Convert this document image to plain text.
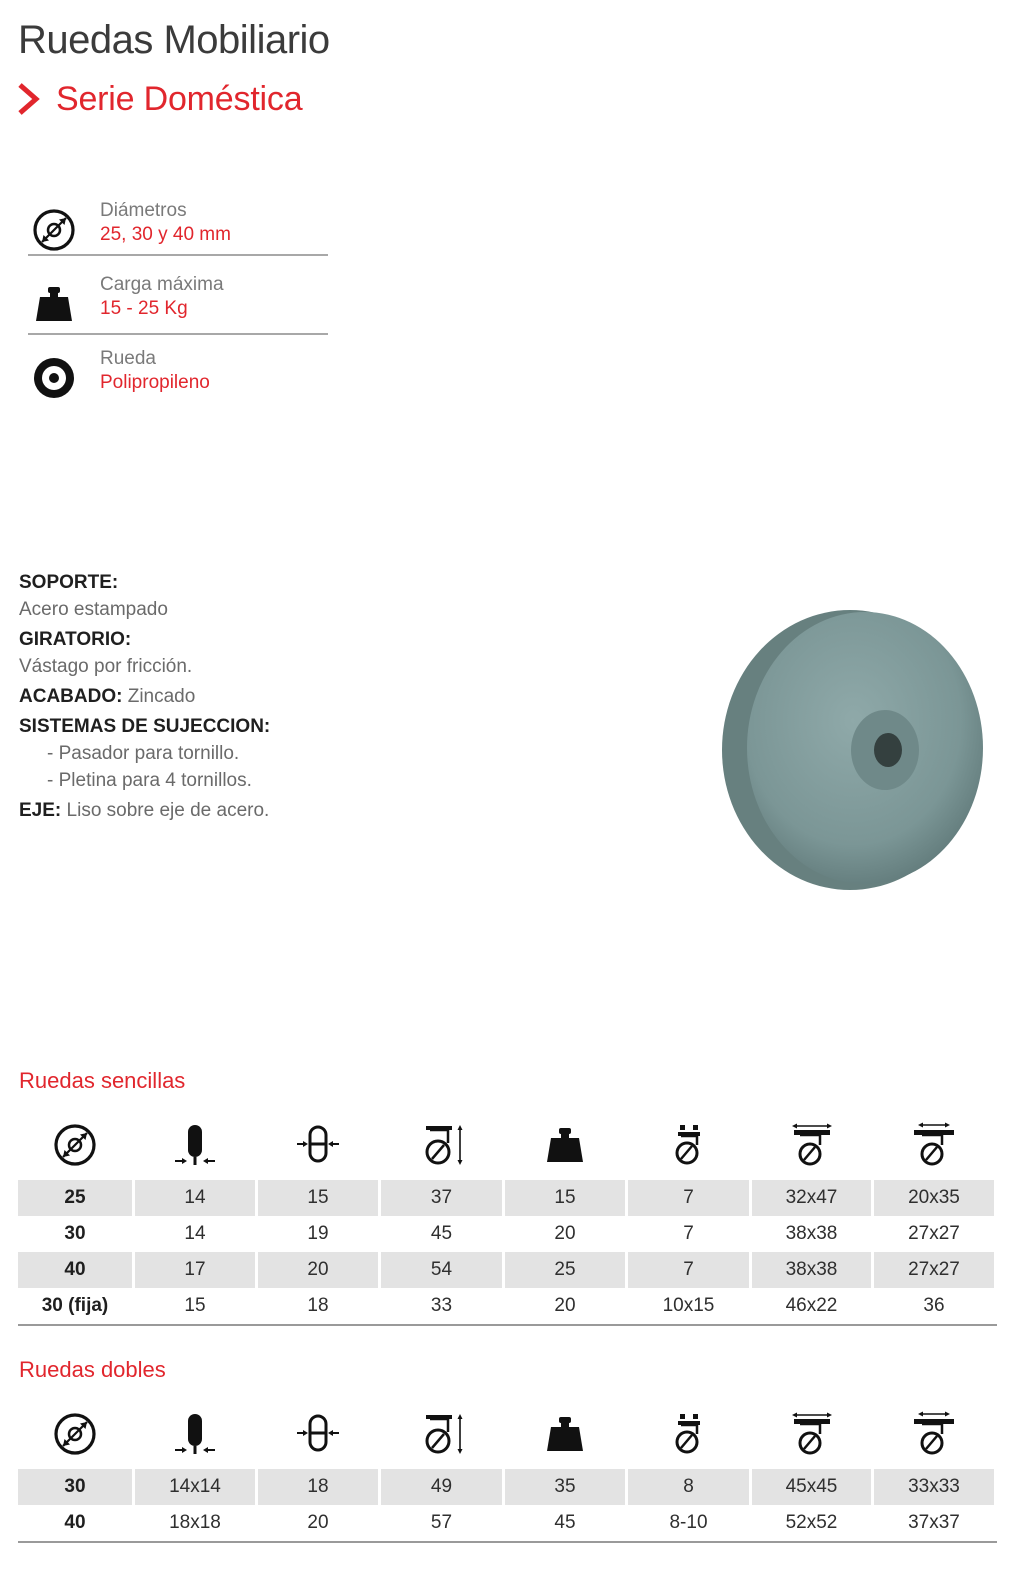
Ruedas Mobiliario
Serie Doméstica
Diámetros
25, 30 y 40 mm
Carga máxima
15 - 25 Kg
Rueda
Polipropileno
SOPORTE:
Acero estampado
GIRATORIO:
Vástago por fricción.
ACABADO: Zincado
SISTEMAS DE SUJECCION:
- Pasador para tornillo.
- Pletina para 4 tornillos.
EJE: Liso sobre eje de acero.
Ruedas sencillas

25	14	15	37	15	7	32x47	20x35
30	14	19	45	20	7	38x38	27x27
40	17	20	54	25	7	38x38	27x27
30 (fija)	15	18	33	20	10x15	46x22	36
Ruedas dobles

30	14x14	18	49	35	8	45x45	33x33
40	18x18	20	57	45	8-10	52x52	37x37
